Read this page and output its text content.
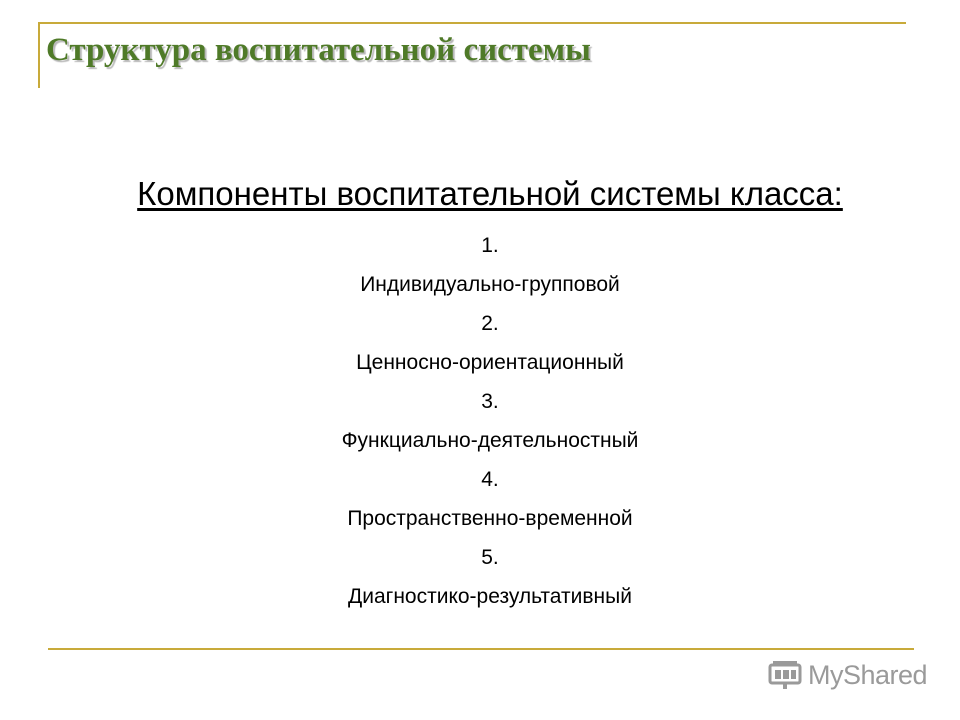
Структура воспитательной системы
Компоненты воспитательной системы класса:
1.
Индивидуально-групповой
2.
Ценносно-ориентационный
3.
Функциально-деятельностный
4.
Пространственно-временной
5.
Диагностико-результативный
MyShared
